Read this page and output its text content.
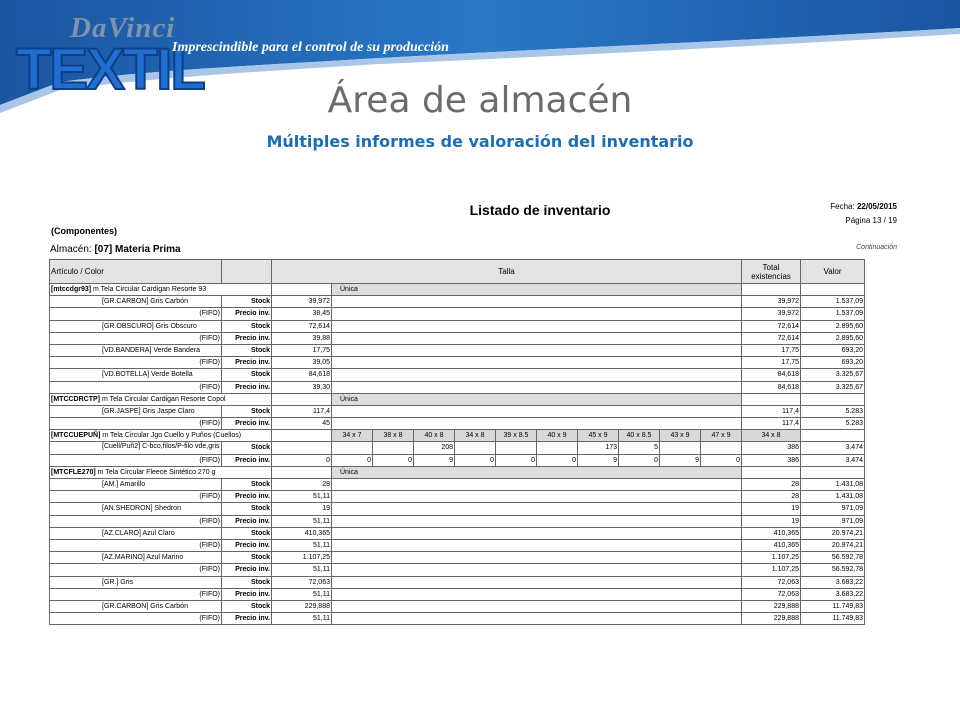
DaVinci
TEXTIL
Imprescindible para el control de su producción
Área de almacén
Múltiples informes de valoración del inventario
Listado de inventario	Fecha: 22/05/2015
Página 13 / 19
(Componentes)
Almacén: [07] Materia Prima	Continuación
Artículo / Color		Talla											Total existencias	Valor
[mtccdgr93] m Tela Circular Cardigan Resorte 93			Única											
[GR.CARBON] Gris Carbón	Stock	39,972											39,972	1.537,09
(FIFO)	Precio inv.	38,45											39,972	1.537,09
[GR.OBSCURO] Gris Obscuro	Stock	72,614											72,614	2.895,60
(FIFO)	Precio inv.	39,88											72,614	2.895,60
[VD.BANDERA] Verde Bandera	Stock	17,75											17,75	693,20
(FIFO)	Precio inv.	39,05											17,75	693,20
[VD.BOTELLA] Verde Botella	Stock	84,618											84,618	3.325,67
(FIFO)	Precio inv.	39,30											84,618	3.325,67
[MTCCDRCTP] m Tela Circular Cardigan Resorte Copol			Única											
[GR.JASPE] Gris Jaspe Claro	Stock	117,4											117,4	5.283
(FIFO)	Precio inv.	45											117,4	5.283
[MTCCUEPUÑ] m Tela Circular Jgo Cuello y Puños (Cuellos)			34 x 7	38 x 8	40 x 8	34 x 8	39 x 8.5	40 x 9	45 x 9	40 x 8.5	43 x 9	47 x 9	34 x 8	
[Cuell/Puñ2] C-bco,filos/P-filo vde,gris	Stock				208				173	5			386	3.474
(FIFO)	Precio inv.	0	0	0	9	0	0	0	9	0	9	0	386	3.474
[MTCFLE270] m Tela Circular Fleece Sintético 270 g			Única											
[AM.] Amarillo	Stock	28											28	1.431,08
(FIFO)	Precio inv.	51,11											28	1.431,08
[AN.SHEDRON] Shedron	Stock	19											19	971,09
(FIFO)	Precio inv.	51,11											19	971,09
[AZ.CLARO] Azul Claro	Stock	410,365											410,365	20.974,21
(FIFO)	Precio inv.	51,11											410,365	20.974,21
[AZ.MARINO] Azul Marino	Stock	1.107,25											1.107,25	56.592,78
(FIFO)	Precio inv.	51,11											1.107,25	56.592,78
[GR.] Gris	Stock	72,063											72,063	3.683,22
(FIFO)	Precio inv.	51,11											72,063	3.683,22
[GR.CARBON] Gris Carbón	Stock	229,888											229,888	11.749,83
(FIFO)	Precio inv.	51,11											229,888	11.749,83
